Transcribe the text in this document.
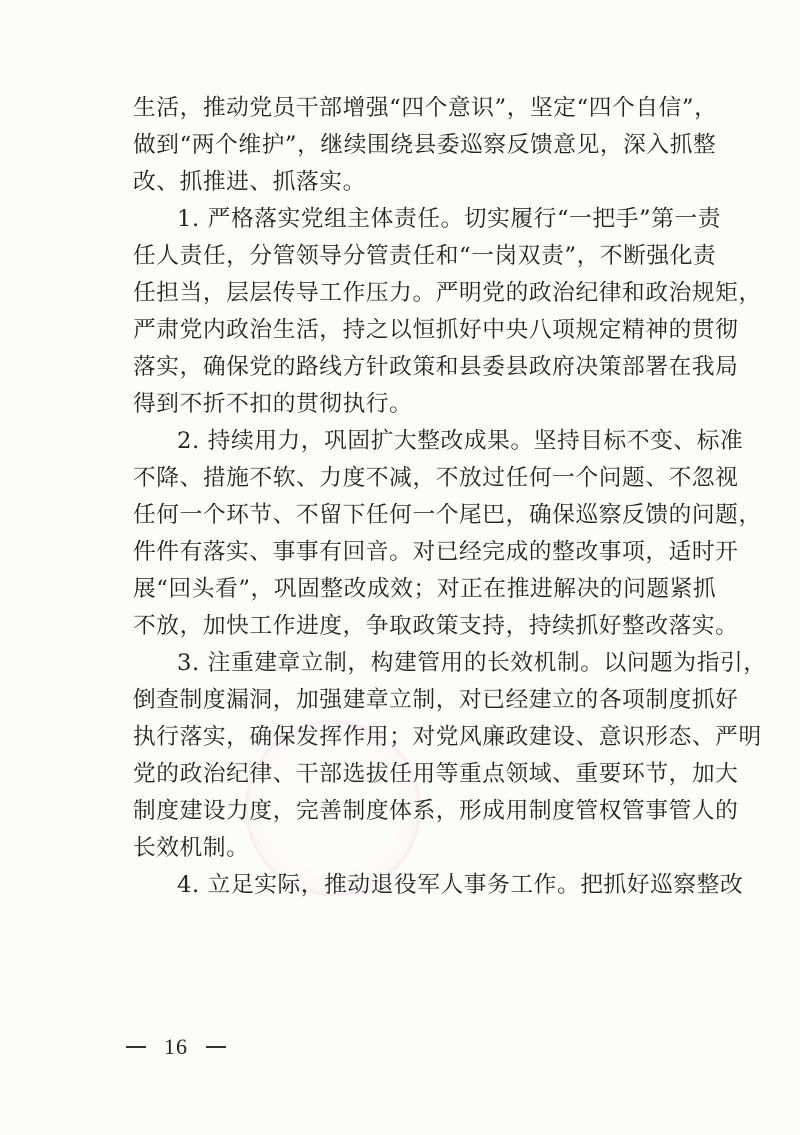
生活，推动党员干部增强“四个意识”，坚定“四个自信”，
做到“两个维护”，继续围绕县委巡察反馈意见，深入抓整
改、抓推进、抓落实。

1. 严格落实党组主体责任。切实履行“一把手”第一责
任人责任，分管领导分管责任和“一岗双责”，不断强化责
任担当，层层传导工作压力。严明党的政治纪律和政治规矩，
严肃党内政治生活，持之以恒抓好中央八项规定精神的贯彻
落实，确保党的路线方针政策和县委县政府决策部署在我局
得到不折不扣的贯彻执行。

2. 持续用力，巩固扩大整改成果。坚持目标不变、标准
不降、措施不软、力度不减，不放过任何一个问题、不忽视
任何一个环节、不留下任何一个尾巴，确保巡察反馈的问题，
件件有落实、事事有回音。对已经完成的整改事项，适时开
展“回头看”，巩固整改成效；对正在推进解决的问题紧抓
不放，加快工作进度，争取政策支持，持续抓好整改落实。

3. 注重建章立制，构建管用的长效机制。以问题为指引，
倒查制度漏洞，加强建章立制，对已经建立的各项制度抓好
执行落实，确保发挥作用；对党风廉政建设、意识形态、严明
党的政治纪律、干部选拔任用等重点领域、重要环节，加大
制度建设力度，完善制度体系，形成用制度管权管事管人的
长效机制。

4. 立足实际，推动退役军人事务工作。把抓好巡察整改

16
